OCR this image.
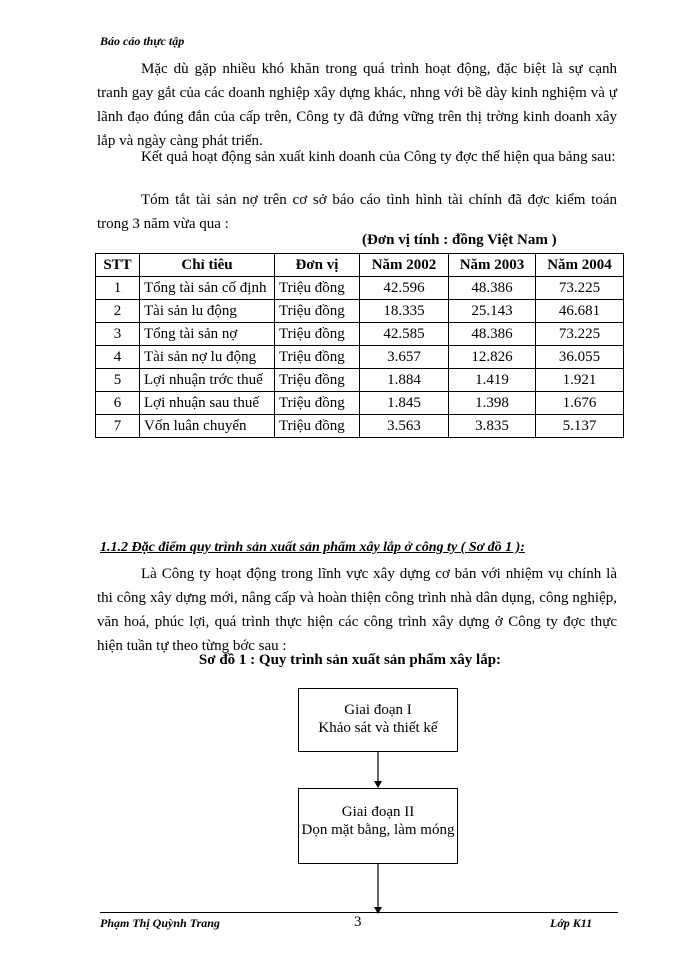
Báo cáo thực tập

Mặc dù gặp nhiều khó khăn trong quá trình hoạt động, đặc biệt là sự cạnh tranh gay gắt của các doanh nghiệp xây dựng khác, nhng với bề dày kinh nghiệm và ự lãnh đạo đúng đắn của cấp trên, Công ty đã đứng vững trên thị trờng kinh doanh xây lắp và ngày càng phát triển.

Kết quả hoạt động sản xuất kinh doanh của Công ty đợc thể hiện qua bảng sau:

Tóm tắt tài sản nợ trên cơ sở báo cáo tình hình tài chính đã đợc kiểm toán trong 3 năm vừa qua :

(Đơn vị tính : đồng Việt Nam )
STT	Chỉ tiêu	Đơn vị	Năm 2002	Năm 2003	Năm 2004
1	Tổng tài sản cố định	Triệu đồng	42.596	48.386	73.225
2	Tài sản lu động	Triệu đồng	18.335	25.143	46.681
3	Tổng tài sản nợ	Triệu đồng	42.585	48.386	73.225
4	Tài sản nợ lu động	Triệu đồng	3.657	12.826	36.055
5	Lợi nhuận trớc thuế	Triệu đồng	1.884	1.419	1.921
6	Lợi nhuận sau thuế	Triệu đồng	1.845	1.398	1.676
7	Vốn luân chuyển	Triệu đồng	3.563	3.835	5.137
1.1.2 Đặc điểm quy trình sản xuất sản phẩm xây lắp ở công ty ( Sơ đồ 1 ):

Là Công ty hoạt động trong lĩnh vực xây dựng cơ bản với nhiệm vụ chính là thi công xây dựng mới, nâng cấp và hoàn thiện công trình nhà dân dụng, công nghiệp, văn hoá, phúc lợi, quá trình thực hiện các công trình xây dựng ở Công ty đợc thực hiện tuần tự theo từng bớc sau :

Sơ đồ 1 : Quy trình sản xuất sản phẩm xây lắp:
Giai đoạn I
Khảo sát và thiết kế
Giai đoạn II
Dọn mặt bằng, làm móng
Phạm Thị Quỳnh Trang	3	Lớp K11
